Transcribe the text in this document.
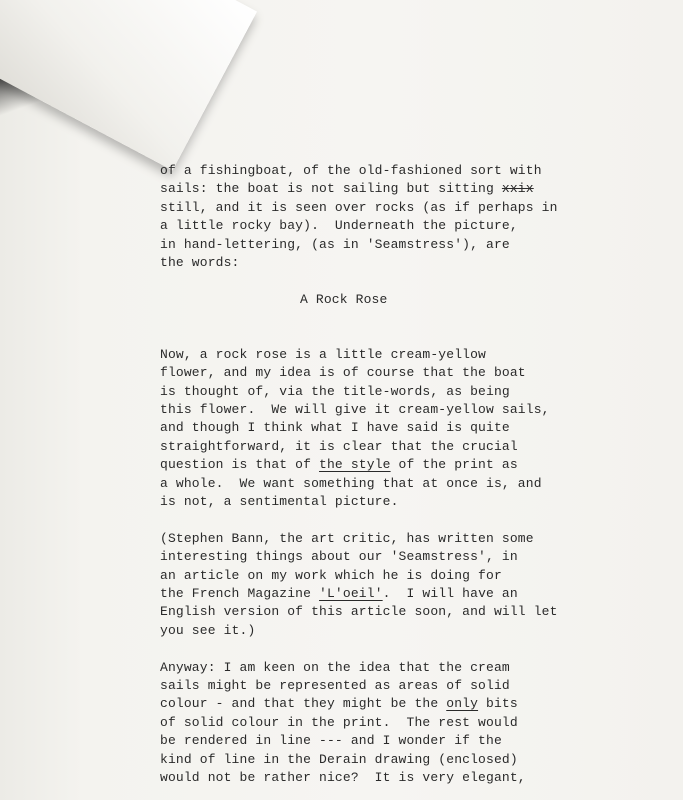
of a fishingboat, of the old-fashioned sort with
sails: the boat is not sailing but sitting xxix
still, and it is seen over rocks (as if perhaps in
a little rocky bay).  Underneath the picture,
in hand-lettering, (as in 'Seamstress'), are
the words:
A Rock Rose
Now, a rock rose is a little cream-yellow
flower, and my idea is of course that the boat
is thought of, via the title-words, as being
this flower.  We will give it cream-yellow sails,
and though I think what I have said is quite
straightforward, it is clear that the crucial
question is that of the style of the print as
a whole.  We want something that at once is, and
is not, a sentimental picture.
(Stephen Bann, the art critic, has written some
interesting things about our 'Seamstress', in
an article on my work which he is doing for
the French Magazine 'L'oeil'.  I will have an
English version of this article soon, and will let
you see it.)
Anyway: I am keen on the idea that the cream
sails might be represented as areas of solid
colour - and that they might be the only bits
of solid colour in the print.  The rest would
be rendered in line --- and I wonder if the
kind of line in the Derain drawing (enclosed)
would not be rather nice?  It is very elegant,
